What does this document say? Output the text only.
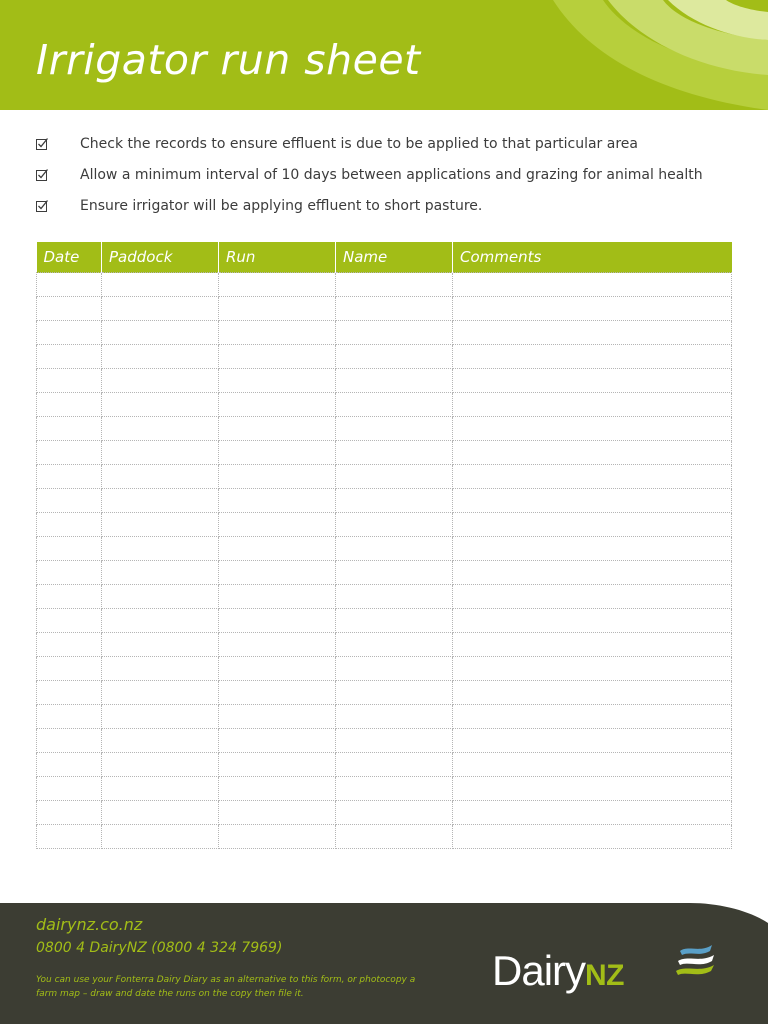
Irrigator run sheet
Check the records to ensure effluent is due to be applied to that particular area
Allow a minimum interval of 10 days between applications and grazing for animal health
Ensure irrigator will be applying effluent to short pasture.
Date	Paddock	Run	Name	Comments

dairynz.co.nz
0800 4 DairyNZ (0800 4 324 7969)
You can use your Fonterra Dairy Diary as an alternative to this form, or photocopy a farm map – draw and date the runs on the copy then file it.	DairyNZ
